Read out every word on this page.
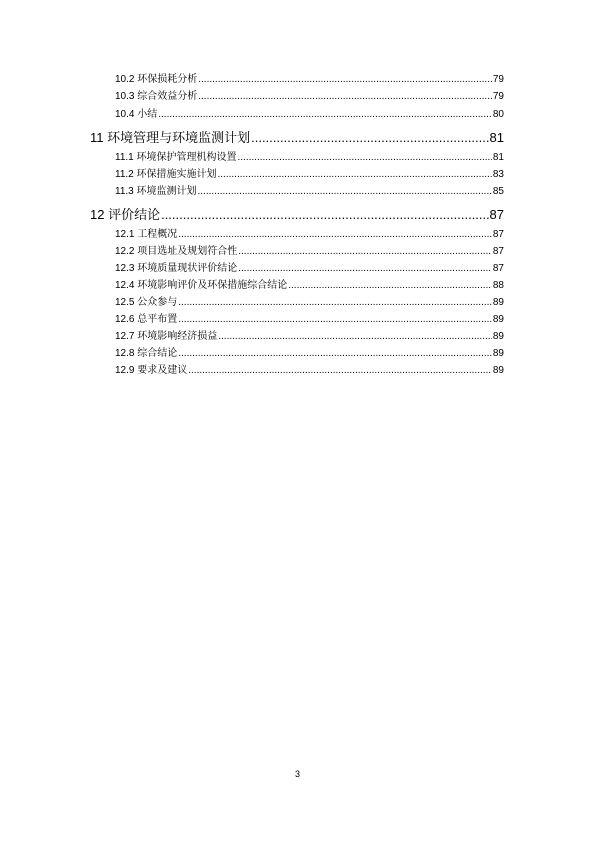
10.2 环保损耗分析 .....	79
10.3 综合效益分析 .....	79
10.4 小结 .....	80
11 环境管理与环境监测计划 .....	81
11.1 环境保护管理机构设置 .....	81
11.2 环保措施实施计划 .....	83
11.3 环境监测计划 .....	85
12 评价结论 .....	87
12.1 工程概况 .....	87
12.2 项目选址及规划符合性 .....	87
12.3 环境质量现状评价结论 .....	87
12.4 环境影响评价及环保措施综合结论 .....	88
12.5 公众参与 .....	89
12.6 总平布置 .....	89
12.7 环境影响经济损益 .....	89
12.8 综合结论 .....	89
12.9 要求及建议 .....	89
3
